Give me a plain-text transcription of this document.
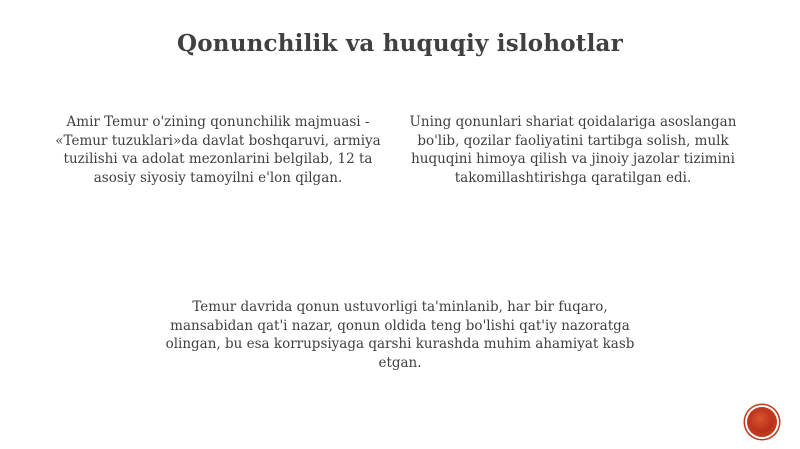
Qonunchilik va huquqiy islohotlar

Amir Temur o'zining qonunchilik majmuasi - «Temur tuzuklari»da davlat boshqaruvi, armiya tuzilishi va adolat mezonlarini belgilab, 12 ta asosiy siyosiy tamoyilni e'lon qilgan.

Uning qonunlari shariat qoidalariga asoslangan bo'lib, qozilar faoliyatini tartibga solish, mulk huquqini himoya qilish va jinoiy jazolar tizimini takomillashtirishga qaratilgan edi.

Temur davrida qonun ustuvorligi ta'minlanib, har bir fuqaro, mansabidan qat'i nazar, qonun oldida teng bo'lishi qat'iy nazoratga olingan, bu esa korrupsiyaga qarshi kurashda muhim ahamiyat kasb etgan.
